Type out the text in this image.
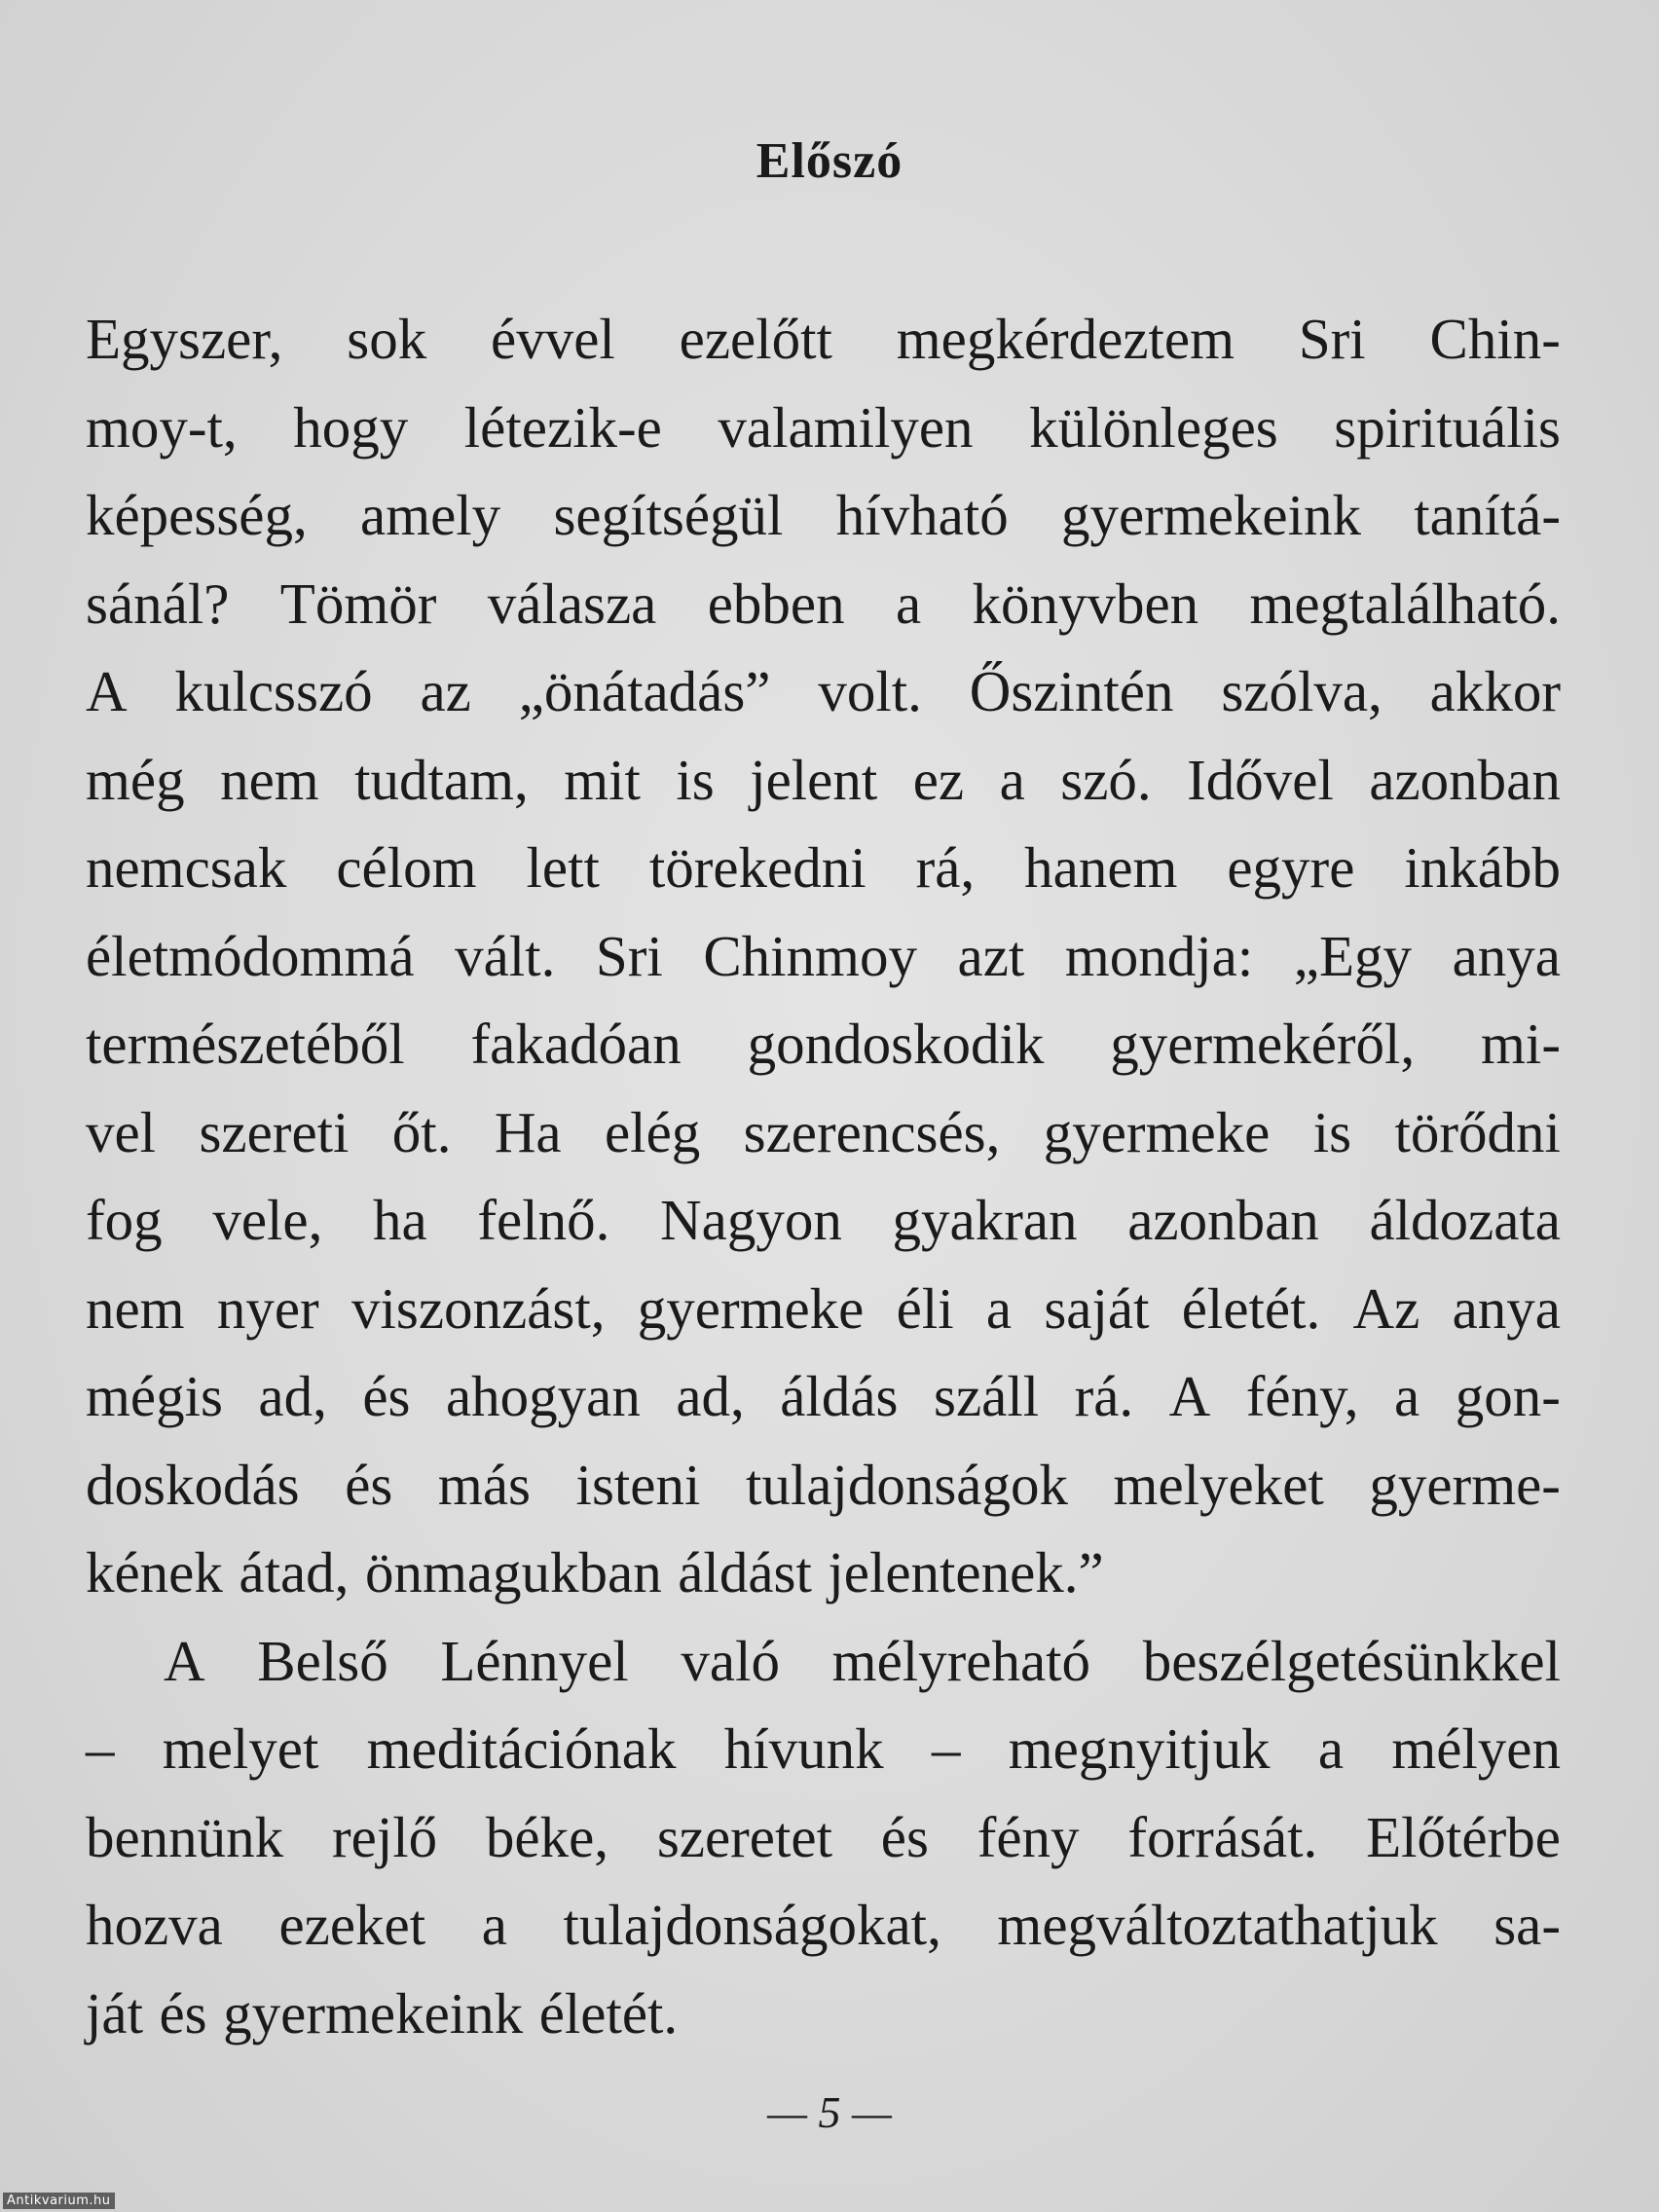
Előszó
Egyszer, sok évvel ezelőtt megkérdeztem Sri Chin-
moy-t, hogy létezik-e valamilyen különleges spirituális
képesség, amely segítségül hívható gyermekeink tanítá-
sánál? Tömör válasza ebben a könyvben megtalálható.
A kulcsszó az „önátadás” volt. Őszintén szólva, akkor
még nem tudtam, mit is jelent ez a szó. Idővel azonban
nemcsak célom lett törekedni rá, hanem egyre inkább
életmódommá vált. Sri Chinmoy azt mondja: „Egy anya
természetéből fakadóan gondoskodik gyermekéről, mi-
vel szereti őt. Ha elég szerencsés, gyermeke is törődni
fog vele, ha felnő. Nagyon gyakran azonban áldozata
nem nyer viszonzást, gyermeke éli a saját életét. Az anya
mégis ad, és ahogyan ad, áldás száll rá. A fény, a gon-
doskodás és más isteni tulajdonságok melyeket gyerme-
kének átad, önmagukban áldást jelentenek.”
A Belső Lénnyel való mélyreható beszélgetésünkkel
– melyet meditációnak hívunk – megnyitjuk a mélyen
bennünk rejlő béke, szeretet és fény forrását. Előtérbe
hozva ezeket a tulajdonságokat, megváltoztathatjuk sa-
ját és gyermekeink életét.
— 5 —
Antikvarium.hu
